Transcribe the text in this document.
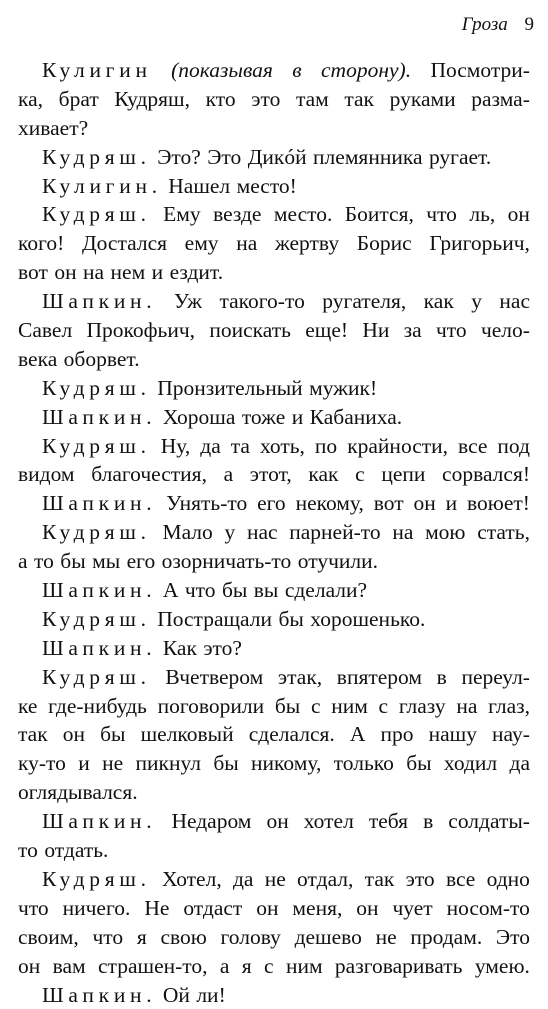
Гроза 9
Кулигин (показывая в сторону). Посмотри-
ка, брат Кудряш, кто это там так руками разма-
хивает?
Кудряш. Это? Это Дикóй племянника ругает.
Кулигин. Нашел место!
Кудряш. Ему везде место. Боится, что ль, он
кого! Достался ему на жертву Борис Григорьич,
вот он на нем и ездит.
Шапкин. Уж такого-то ругателя, как у нас
Савел Прокофьич, поискать еще! Ни за что чело-
века оборвет.
Кудряш. Пронзительный мужик!
Шапкин. Хороша тоже и Кабаниха.
Кудряш. Ну, да та хоть, по крайности, все под
видом благочестия, а этот, как с цепи сорвался!
Шапкин. Унять-то его некому, вот он и воюет!
Кудряш. Мало у нас парней-то на мою стать,
а то бы мы его озорничать-то отучили.
Шапкин. А что бы вы сделали?
Кудряш. Постращали бы хорошенько.
Шапкин. Как это?
Кудряш. Вчетвером этак, впятером в переул-
ке где-нибудь поговорили бы с ним с глазу на глаз,
так он бы шелковый сделался. А про нашу нау-
ку-то и не пикнул бы никому, только бы ходил да
оглядывался.
Шапкин. Недаром он хотел тебя в солдаты-
то отдать.
Кудряш. Хотел, да не отдал, так это все одно
что ничего. Не отдаст он меня, он чует носом-то
своим, что я свою голову дешево не продам. Это
он вам страшен-то, а я с ним разговаривать умею.
Шапкин. Ой ли!
